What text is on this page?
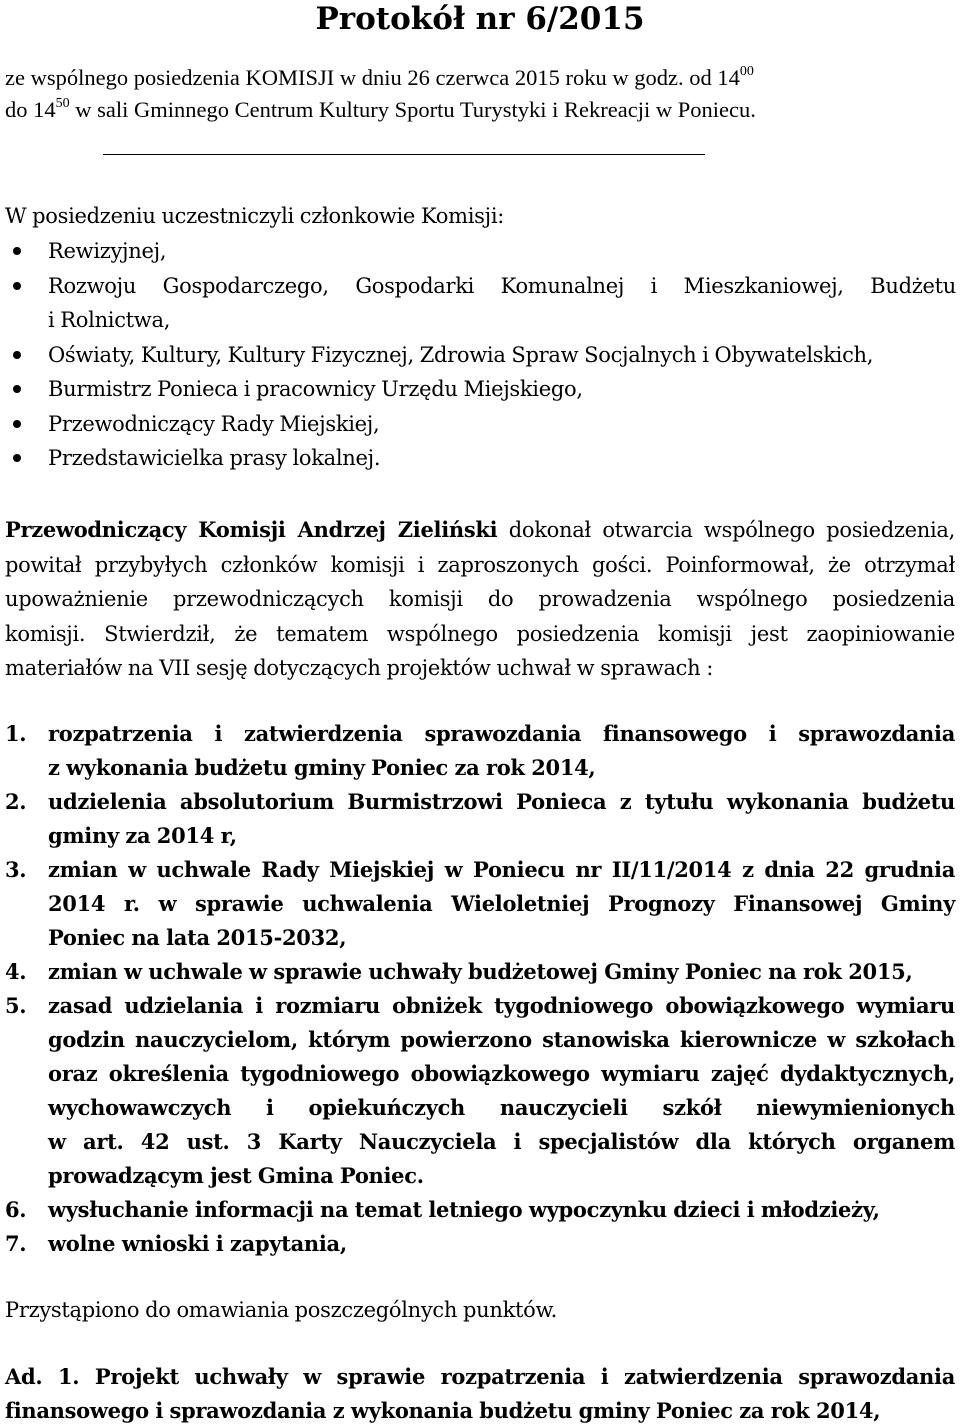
Protokół nr 6/2015
ze wspólnego posiedzenia KOMISJI w dniu 26 czerwca 2015 roku w godz. od $14^{00}$
do $14^{50}$ w sali Gminnego Centrum Kultury Sportu Turystyki i Rekreacji w Poniecu.

W posiedzeniu uczestniczyli członkowie Komisji:

Rewizyjnej,
Rozwoju Gospodarczego, Gospodarki Komunalnej i Mieszkaniowej, Budżetu
i Rolnictwa,
Oświaty, Kultury, Kultury Fizycznej, Zdrowia Spraw Socjalnych i Obywatelskich,
Burmistrz Ponieca i pracownicy Urzędu Miejskiego,
Przewodniczący Rady Miejskiej,
Przedstawicielka prasy lokalnej.
Przewodniczący Komisji Andrzej Zieliński dokonał otwarcia wspólnego posiedzenia,
powitał przybyłych członków komisji i zaproszonych gości. Poinformował, że otrzymał
upoważnienie przewodniczących komisji do prowadzenia wspólnego posiedzenia
komisji. Stwierdził, że tematem wspólnego posiedzenia komisji jest zaopiniowanie
materiałów na VII sesję dotyczących projektów uchwał w sprawach :
1. rozpatrzenia i zatwierdzenia sprawozdania finansowego i sprawozdania
z wykonania budżetu gminy Poniec za rok 2014,
2. udzielenia absolutorium Burmistrzowi Ponieca z tytułu wykonania budżetu
gminy za 2014 r,
3. zmian w uchwale Rady Miejskiej w Poniecu nr II/11/2014 z dnia 22 grudnia
2014 r. w sprawie uchwalenia Wieloletniej Prognozy Finansowej Gminy
Poniec na lata 2015-2032,
4. zmian w uchwale w sprawie uchwały budżetowej Gminy Poniec na rok 2015,
5. zasad udzielania i rozmiaru obniżek tygodniowego obowiązkowego wymiaru
godzin nauczycielom, którym powierzono stanowiska kierownicze w szkołach
oraz określenia tygodniowego obowiązkowego wymiaru zajęć dydaktycznych,
wychowawczych i opiekuńczych nauczycieli szkół niewymienionych
w art. 42 ust. 3 Karty Nauczyciela i specjalistów dla których organem
prowadzącym jest Gmina Poniec.
6. wysłuchanie informacji na temat letniego wypoczynku dzieci i młodzieży,
7. wolne wnioski i zapytania,

Przystąpiono do omawiania poszczególnych punktów.

Ad. 1. Projekt uchwały w sprawie rozpatrzenia i zatwierdzenia sprawozdania
finansowego i sprawozdania z wykonania budżetu gminy Poniec za rok 2014,
